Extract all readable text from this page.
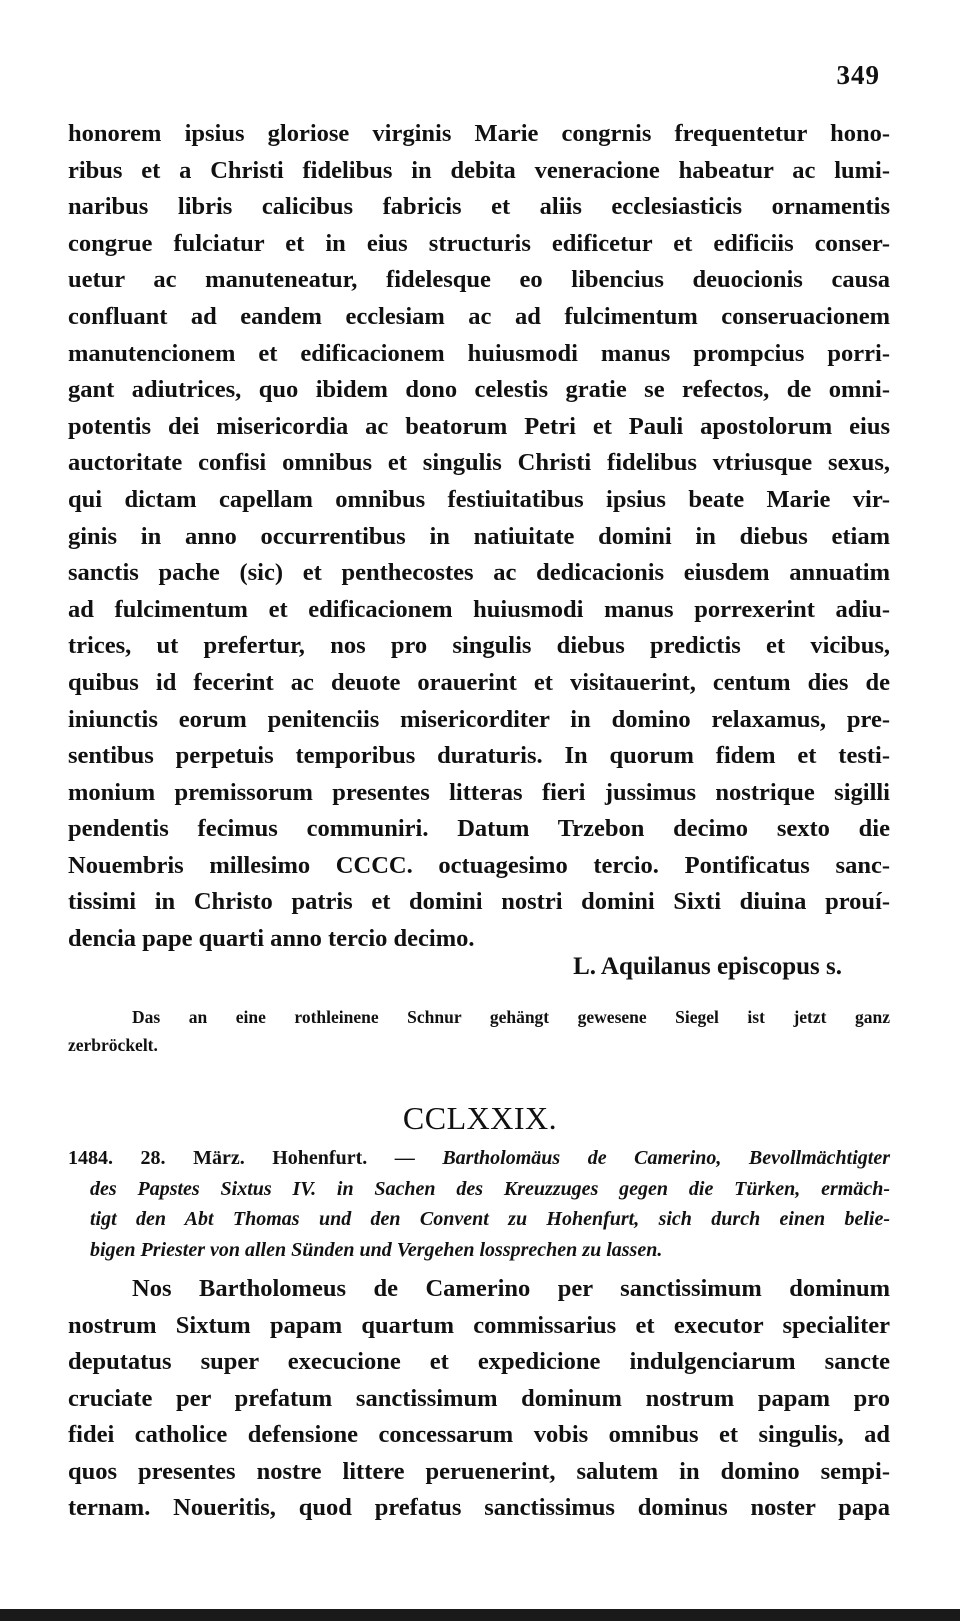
349
honorem ipsius gloriose virginis Marie congrnis frequentetur hono-
ribus et a Christi fidelibus in debita veneracione habeatur ac lumi-
naribus libris calicibus fabricis et aliis ecclesiasticis ornamentis
congrue fulciatur et in eius structuris edificetur et edificiis conser-
uetur ac manuteneatur, fidelesque eo libencius deuocionis causa
confluant ad eandem ecclesiam ac ad fulcimentum conseruacionem
manutencionem et edificacionem huiusmodi manus prompcius porri-
gant adiutrices, quo ibidem dono celestis gratie se refectos, de omni-
potentis dei misericordia ac beatorum Petri et Pauli apostolorum eius
auctoritate confisi omnibus et singulis Christi fidelibus vtriusque sexus,
qui dictam capellam omnibus festiuitatibus ipsius beate Marie vir-
ginis in anno occurrentibus in natiuitate domini in diebus etiam
sanctis pache (sic) et penthecostes ac dedicacionis eiusdem annuatim
ad fulcimentum et edificacionem huiusmodi manus porrexerint adiu-
trices, ut prefertur, nos pro singulis diebus predictis et vicibus,
quibus id fecerint ac deuote orauerint et visitauerint, centum dies de
iniunctis eorum penitenciis misericorditer in domino relaxamus, pre-
sentibus perpetuis temporibus duraturis. In quorum fidem et testi-
monium premissorum presentes litteras fieri jussimus nostrique sigilli
pendentis fecimus communiri. Datum Trzebon decimo sexto die
Nouembris millesimo CCCC. octuagesimo tercio. Pontificatus sanc-
tissimi in Christo patris et domini nostri domini Sixti diuina prouí-
dencia pape quarti anno tercio decimo.
L. Aquilanus episcopus s.
Das an eine rothleinene Schnur gehängt gewesene Siegel ist jetzt ganz
zerbröckelt.
CCLXXIX.
1484. 28. März. Hohenfurt. — Bartholomäus de Camerino, Bevollmächtigter
des Papstes Sixtus IV. in Sachen des Kreuzzuges gegen die Türken, ermäch-
tigt den Abt Thomas und den Convent zu Hohenfurt, sich durch einen belie-
bigen Priester von allen Sünden und Vergehen lossprechen zu lassen.
Nos Bartholomeus de Camerino per sanctissimum dominum
nostrum Sixtum papam quartum commissarius et executor specialiter
deputatus super execucione et expedicione indulgenciarum sancte
cruciate per prefatum sanctissimum dominum nostrum papam pro
fidei catholice defensione concessarum vobis omnibus et singulis, ad
quos presentes nostre littere peruenerint, salutem in domino sempi-
ternam. Noueritis, quod prefatus sanctissimus dominus noster papa
